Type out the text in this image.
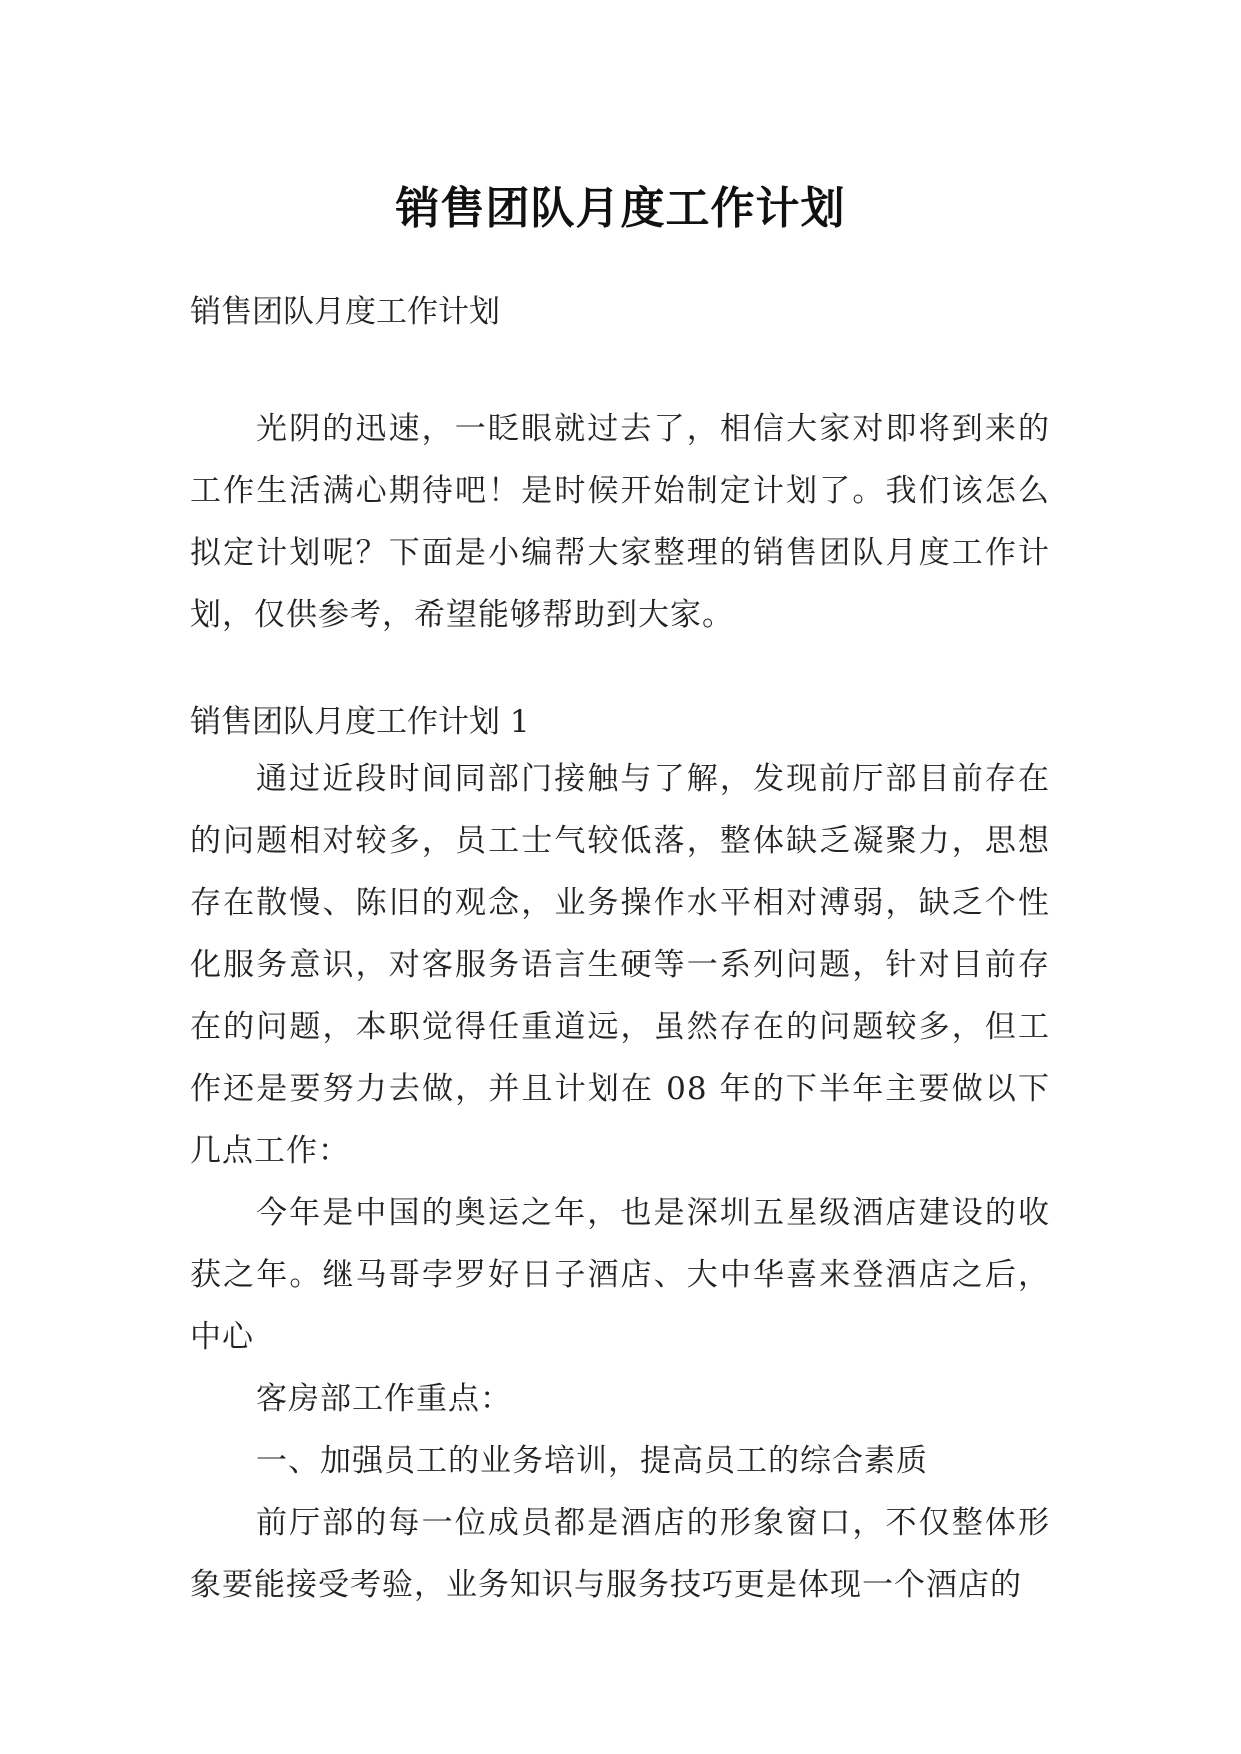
销售团队月度工作计划
销售团队月度工作计划

光阴的迅速，一眨眼就过去了，相信大家对即将到来的工作生活满心期待吧！是时候开始制定计划了。我们该怎么拟定计划呢？下面是小编帮大家整理的销售团队月度工作计划，仅供参考，希望能够帮助到大家。

销售团队月度工作计划 1

通过近段时间同部门接触与了解，发现前厅部目前存在的问题相对较多，员工士气较低落，整体缺乏凝聚力，思想存在散慢、陈旧的观念，业务操作水平相对溥弱，缺乏个性化服务意识，对客服务语言生硬等一系列问题，针对目前存在的问题，本职觉得任重道远，虽然存在的问题较多，但工作还是要努力去做，并且计划在 08 年的下半年主要做以下几点工作：

今年是中国的奥运之年，也是深圳五星级酒店建设的收获之年。继马哥孛罗好日子酒店、大中华喜来登酒店之后，中心

客房部工作重点：

一、加强员工的业务培训，提高员工的综合素质

前厅部的每一位成员都是酒店的形象窗口，不仅整体形象要能接受考验，业务知识与服务技巧更是体现一个酒店的
